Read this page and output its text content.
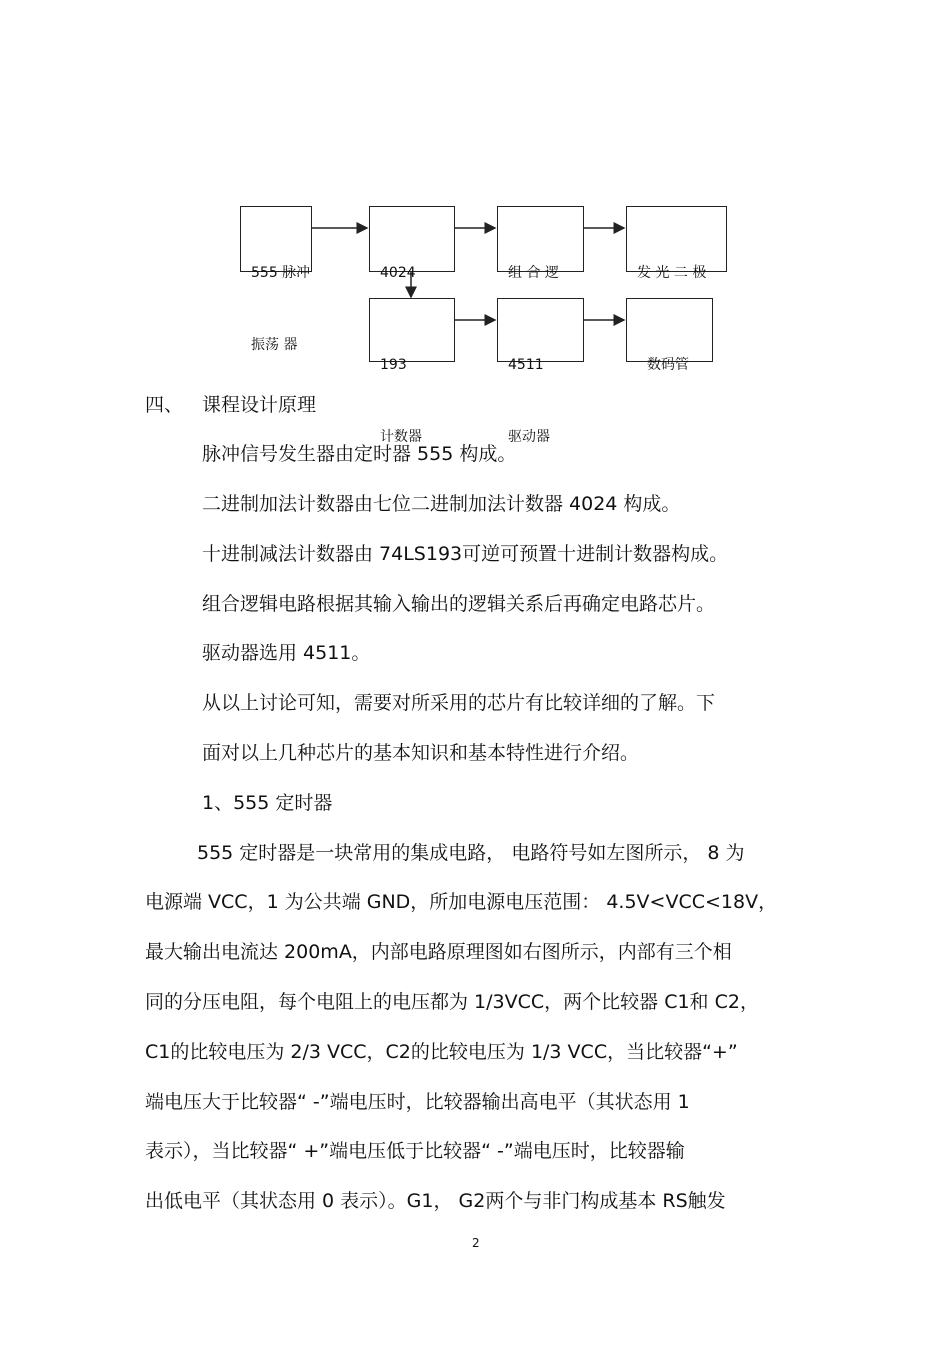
555 脉冲

振荡 器

4024

	组 合 逻

	发 光 二 极

193

计数器

4511

驱动器

数码管

四、 课程设计原理
脉冲信号发生器由定时器 555 构成。
二进制加法计数器由七位二进制加法计数器 4024 构成。
十进制减法计数器由 74LS193可逆可预置十进制计数器构成。
组合逻辑电路根据其输入输出的逻辑关系后再确定电路芯片。
驱动器选用 4511。
从以上讨论可知，需要对所采用的芯片有比较详细的了解。下
面对以上几种芯片的基本知识和基本特性进行介绍。
1、555 定时器
555 定时器是一块常用的集成电路， 电路符号如左图所示， 8 为
电源端 VCC，1 为公共端 GND，所加电源电压范围： 4.5V<VCC<18V，
最大输出电流达 200mA，内部电路原理图如右图所示，内部有三个相
同的分压电阻，每个电阻上的电压都为 1/3VCC，两个比较器 C1和 C2，
C1的比较电压为 2/3 VCC，C2的比较电压为 1/3 VCC，当比较器“+”
端电压大于比较器“ -”端电压时，比较器输出高电平（其状态用 1
表示），当比较器“ +”端电压低于比较器“ -”端电压时，比较器输
出低电平（其状态用 0 表示）。G1， G2两个与非门构成基本 RS触发
2
